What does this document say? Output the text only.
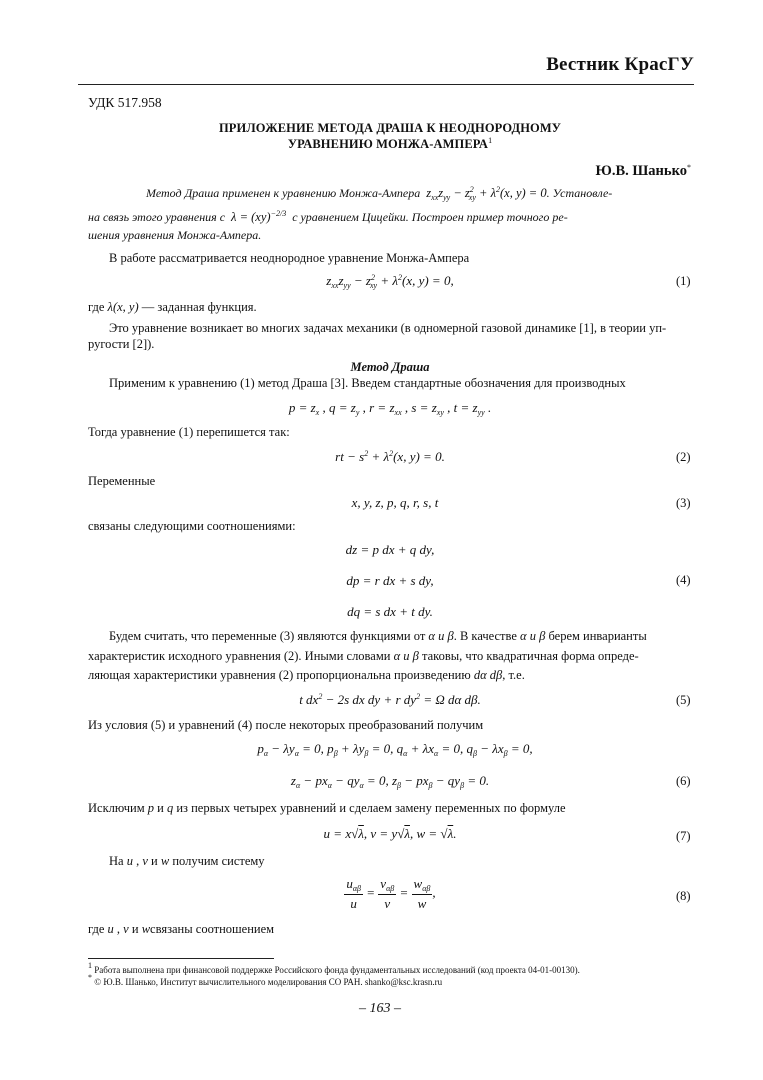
Вестник КрасГУ
УДК 517.958
ПРИЛОЖЕНИЕ МЕТОДА ДРАША К НЕОДНОРОДНОМУ
УРАВНЕНИЮ МОНЖА-АМПЕРА$^1$
Ю.В. Шанько*
Метод Драша применен к уравнению Монжа-Ампера $z_{xx}z_{yy} - z^2_{xy} + \lambda^2(x$, y) = 0. Установле-
на связь этого уравнения с λ = (xy)$^{-2/3}$ с уравнением Цицейки. Построен пример точного ре-
шения уравнения Монжа-Ампера.
В работе рассматривается неоднородное уравнение Монжа-Ампера
$z_{xx}z_{yy} - z^2_{xy} + \lambda^2(x$, y) = 0,	(1)
где λ(x, y) — заданная функция.
Это уравнение возникает во многих задачах механики (в одномерной газовой динамике [1], в теории уп-
ругости [2]).
Метод Драша
Применим к уравнению (1) метод Драша [3]. Введем стандартные обозначения для производных
$p = z_x$ , $q = z_y$ , $r = z_{xx}$ , $s = z_{xy}$ , $t = z_{yy}$ .
Тогда уравнение (1) перепишется так:
rt − $s^2 + \lambda^2(x$, y) = 0.	(2)
Переменные
x, y, z, p, q, r, s, t	(3)
связаны следующими соотношениями:
dz = p dx + q dy,
dp = r dx + s dy,
dq = s dx + t dy.
(4)
Будем считать, что переменные (3) являются функциями от α и β. В качестве α и β берем инварианты
характеристик исходного уравнения (2). Иными словами α и β таковы, что квадратичная форма опреде-
ляющая характеристики уравнения (2) пропорциональна произведению dα dβ, т.е.
t $dx^2 - 2s$ dx dy + r $dy^2 = \Omega$ dα dβ.	(5)
Из условия (5) и уравнений (4) после некоторых преобразований получим
$p_\alpha - \lambda y_\alpha = 0$, $p_\beta + \lambda y_\beta = 0$, $q_\alpha + \lambda x_\alpha = 0$, $q_\beta - \lambda x_\beta = 0$,
$z_\alpha - px_\alpha - qy_\alpha = 0$, $z_\beta - px_\beta - qy_\beta = 0$.	(6)
Исключим p и q из первых четырех уравнений и сделаем замену переменных по формуле
u = x√λ, v = y√λ, w = √λ.	(7)
На u , v и w получим систему
$\frac{u_{\alpha\beta}}{u} = \frac{v_{\alpha\beta}}{v} = \frac{w_{\alpha\beta}}{w}$ ,	(8)
где u , v и wсвязаны соотношением
$^1$ Работа выполнена при финансовой поддержке Российского фонда фундаментальных исследований (код проекта 04-01-00130).
* © Ю.В. Шанько, Институт вычислительного моделирования СО РАН. shanko@ksc.krasn.ru
– 163 –
